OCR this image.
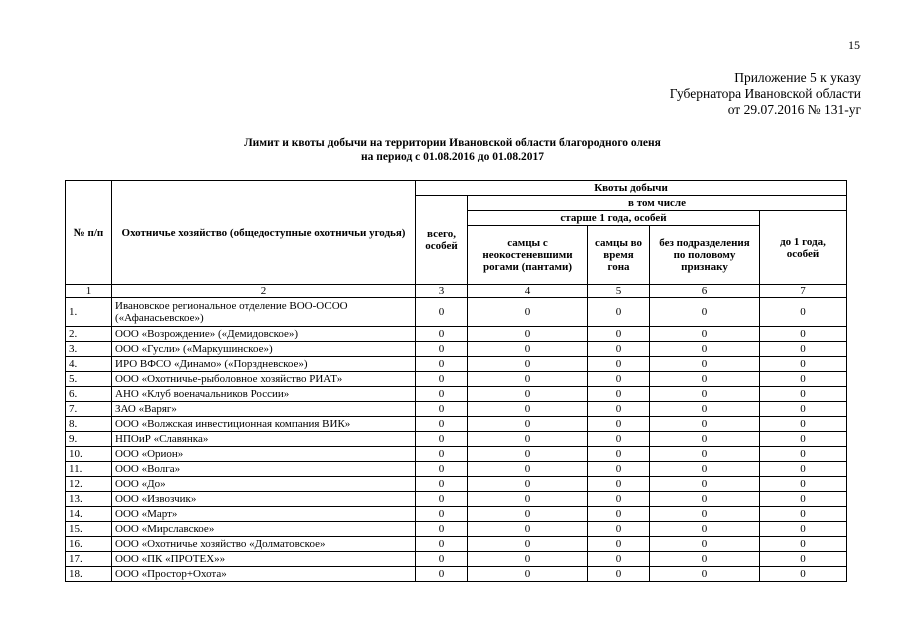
15
Приложение 5 к указу
Губернатора Ивановской области
от 29.07.2016 № 131-уг
Лимит и квоты добычи на территории Ивановской области благородного оленя
на период с 01.08.2016 до 01.08.2017
№ п/п	Охотничье хозяйство (общедоступные охотничьи угодья)	Квоты добычи				
		всего, особей	в том числе			
			старше 1 года, особей			до 1 года, особей
			самцы с неокостеневшими рогами (пантами)	самцы во время гона	без подразделения по половому признаку	
1	2	3	4	5	6	7
1.	Ивановское региональное отделение ВОО-ОСОО («Афанасьевское»)	0	0	0	0	0
2.	ООО «Возрождение» («Демидовское»)	0	0	0	0	0
3.	ООО «Гусли» («Маркушинское»)	0	0	0	0	0
4.	ИРО ВФСО «Динамо» («Порздневское»)	0	0	0	0	0
5.	ООО «Охотничье-рыболовное хозяйство РИАТ»	0	0	0	0	0
6.	АНО «Клуб военачальников России»	0	0	0	0	0
7.	ЗАО «Варяг»	0	0	0	0	0
8.	ООО «Волжская инвестиционная компания ВИК»	0	0	0	0	0
9.	НПОиР «Славянка»	0	0	0	0	0
10.	ООО «Орион»	0	0	0	0	0
11.	ООО «Волга»	0	0	0	0	0
12.	ООО «До»	0	0	0	0	0
13.	ООО «Извозчик»	0	0	0	0	0
14.	ООО «Март»	0	0	0	0	0
15.	ООО «Мирславское»	0	0	0	0	0
16.	ООО «Охотничье хозяйство «Долматовское»	0	0	0	0	0
17.	ООО «ПК «ПРОТЕХ»»	0	0	0	0	0
18.	ООО «Простор+Охота»	0	0	0	0	0
